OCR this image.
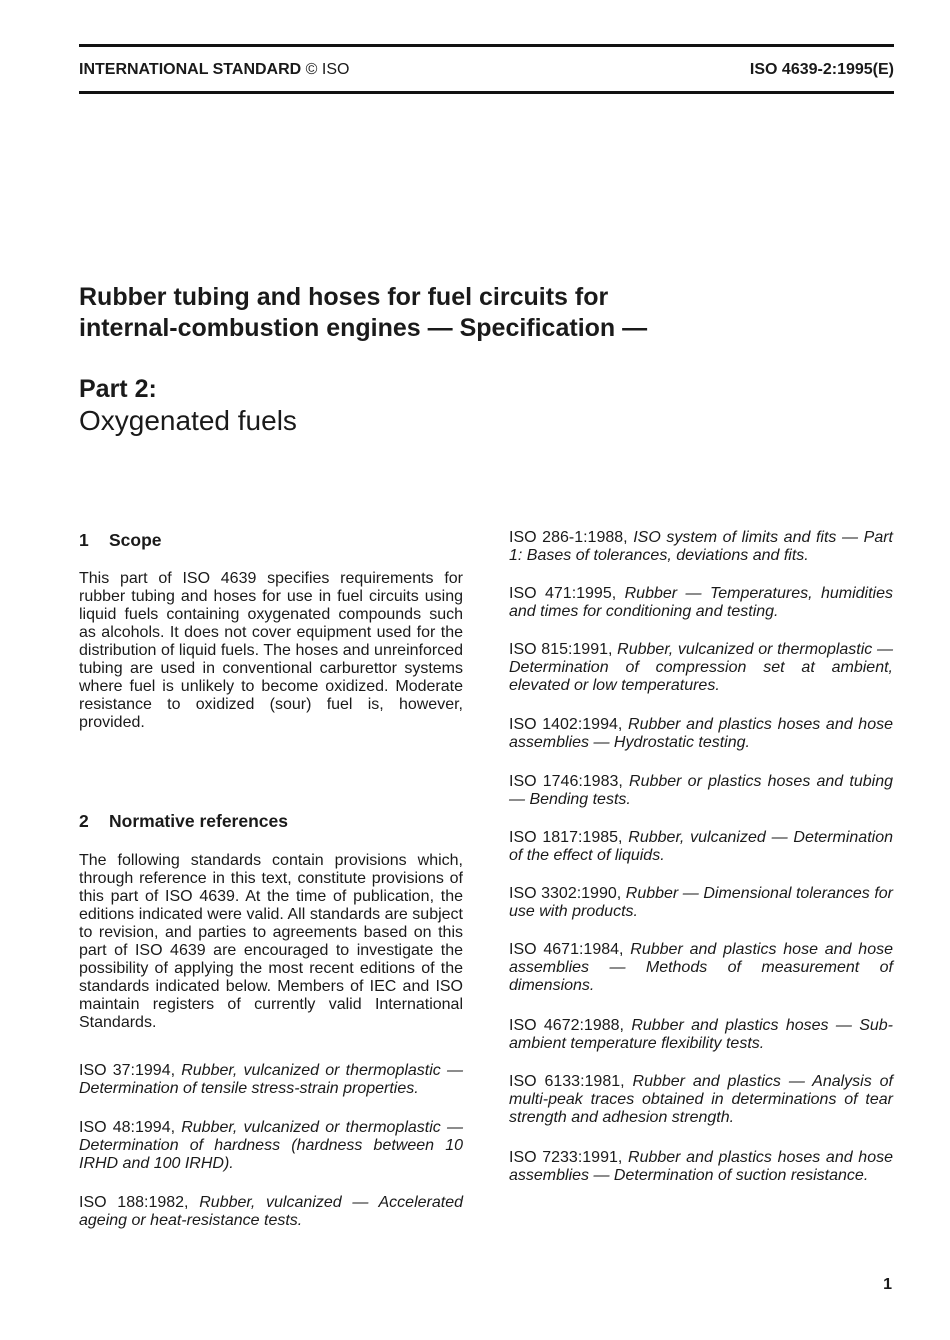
INTERNATIONAL STANDARD © ISO	ISO 4639-2:1995(E)
Rubber tubing and hoses for fuel circuits for
internal-combustion engines — Specification —
Part 2:
Oxygenated fuels
1 Scope

This part of ISO 4639 specifies requirements for rubber tubing and hoses for use in fuel circuits using liquid fuels containing oxygenated compounds such as alcohols. It does not cover equipment used for the distribution of liquid fuels. The hoses and unreinforced tubing are used in conventional carburettor systems where fuel is unlikely to become oxidized. Moderate resistance to oxidized (sour) fuel is, however, provided.

2 Normative references

The following standards contain provisions which, through reference in this text, constitute provisions of this part of ISO 4639. At the time of publication, the editions indicated were valid. All standards are subject to revision, and parties to agreements based on this part of ISO 4639 are encouraged to investigate the possibility of applying the most recent editions of the standards indicated below. Members of IEC and ISO maintain registers of currently valid International Standards.

ISO 37:1994, Rubber, vulcanized or thermoplastic — Determination of tensile stress-strain properties.

ISO 48:1994, Rubber, vulcanized or thermoplastic — Determination of hardness (hardness between 10 IRHD and 100 IRHD).

ISO 188:1982, Rubber, vulcanized — Accelerated ageing or heat-resistance tests.

ISO 286-1:1988, ISO system of limits and fits — Part 1: Bases of tolerances, deviations and fits.

ISO 471:1995, Rubber — Temperatures, humidities and times for conditioning and testing.

ISO 815:1991, Rubber, vulcanized or thermoplastic — Determination of compression set at ambient, elevated or low temperatures.

ISO 1402:1994, Rubber and plastics hoses and hose assemblies — Hydrostatic testing.

ISO 1746:1983, Rubber or plastics hoses and tubing — Bending tests.

ISO 1817:1985, Rubber, vulcanized — Determination of the effect of liquids.

ISO 3302:1990, Rubber — Dimensional tolerances for use with products.

ISO 4671:1984, Rubber and plastics hose and hose assemblies — Methods of measurement of dimensions.

ISO 4672:1988, Rubber and plastics hoses — Sub-ambient temperature flexibility tests.

ISO 6133:1981, Rubber and plastics — Analysis of multi-peak traces obtained in determinations of tear strength and adhesion strength.

ISO 7233:1991, Rubber and plastics hoses and hose assemblies — Determination of suction resistance.

1
